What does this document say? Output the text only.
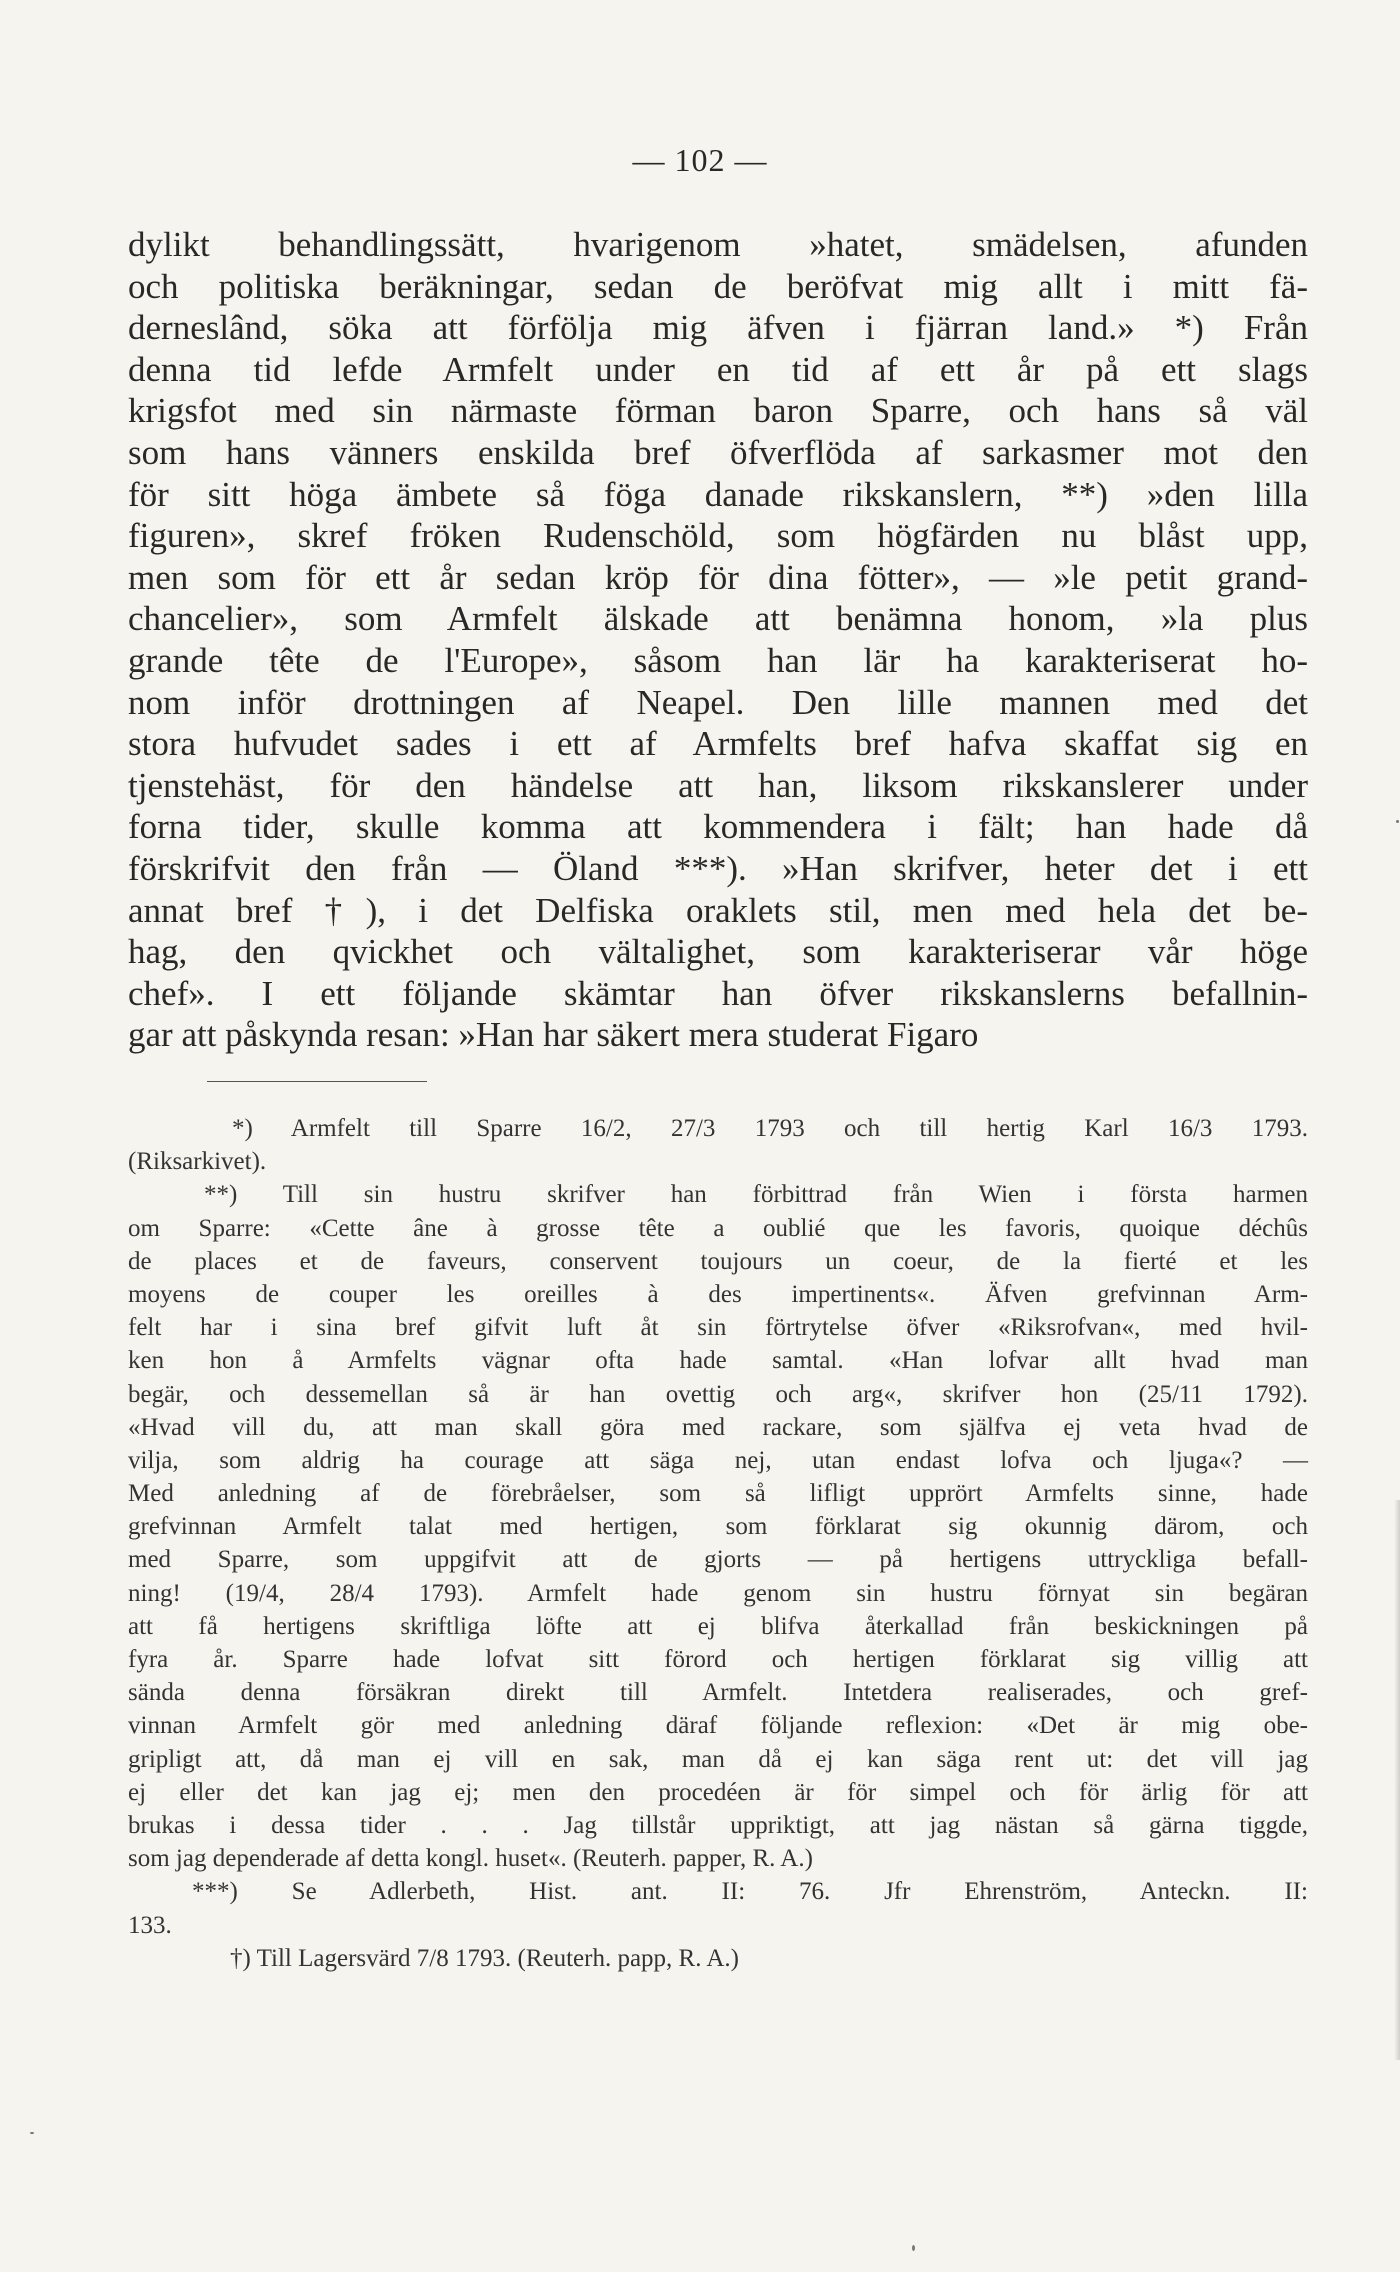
— 102 —
dylikt behandlingssätt, hvarigenom »hatet, smädelsen, afunden
och politiska beräkningar, sedan de beröfvat mig allt i mitt fä-
derneslând, söka att förfölja mig äfven i fjärran land.» *) Från
denna tid lefde Armfelt under en tid af ett år på ett slags
krigsfot med sin närmaste förman baron Sparre, och hans så väl
som hans vänners enskilda bref öfverflöda af sarkasmer mot den
för sitt höga ämbete så föga danade rikskanslern, **) »den lilla
figuren», skref fröken Rudenschöld, som högfärden nu blåst upp,
men som för ett år sedan kröp för dina fötter», — »le petit grand-
chancelier», som Armfelt älskade att benämna honom, »la plus
grande tête de l'Europe», såsom han lär ha karakteriserat ho-
nom inför drottningen af Neapel. Den lille mannen med det
stora hufvudet sades i ett af Armfelts bref hafva skaffat sig en
tjenstehäst, för den händelse att han, liksom rikskanslerer under
forna tider, skulle komma att kommendera i fält; han hade då
förskrifvit den från — Öland ***). »Han skrifver, heter det i ett
annat bref †), i det Delfiska oraklets stil, men med hela det be-
hag, den qvickhet och vältalighet, som karakteriserar vår höge
chef». I ett följande skämtar han öfver rikskanslerns befallnin-
gar att påskynda resan: »Han har säkert mera studerat Figaro
*) Armfelt till Sparre 16/2, 27/3 1793 och till hertig Karl 16/3 1793.
(Riksarkivet).
**) Till sin hustru skrifver han förbittrad från Wien i första harmen
om Sparre: «Cette âne à grosse tête a oublié que les favoris, quoique déchûs
de places et de faveurs, conservent toujours un coeur, de la fierté et les
moyens de couper les oreilles à des impertinents«. Äfven grefvinnan Arm-
felt har i sina bref gifvit luft åt sin förtrytelse öfver «Riksrofvan«, med hvil-
ken hon å Armfelts vägnar ofta hade samtal. «Han lofvar allt hvad man
begär, och dessemellan så är han ovettig och arg«, skrifver hon (25/11 1792).
«Hvad vill du, att man skall göra med rackare, som själfva ej veta hvad de
vilja, som aldrig ha courage att säga nej, utan endast lofva och ljuga«? —
Med anledning af de förebråelser, som så lifligt upprört Armfelts sinne, hade
grefvinnan Armfelt talat med hertigen, som förklarat sig okunnig därom, och
med Sparre, som uppgifvit att de gjorts — på hertigens uttryckliga befall-
ning! (19/4, 28/4 1793). Armfelt hade genom sin hustru förnyat sin begäran
att få hertigens skriftliga löfte att ej blifva återkallad från beskickningen på
fyra år. Sparre hade lofvat sitt förord och hertigen förklarat sig villig att
sända denna försäkran direkt till Armfelt. Intetdera realiserades, och gref-
vinnan Armfelt gör med anledning däraf följande reflexion: «Det är mig obe-
gripligt att, då man ej vill en sak, man då ej kan säga rent ut: det vill jag
ej eller det kan jag ej; men den procedéen är för simpel och för ärlig för att
brukas i dessa tider . . . Jag tillstår uppriktigt, att jag nästan så gärna tiggde,
som jag dependerade af detta kongl. huset«. (Reuterh. papper, R. A.)
***) Se Adlerbeth, Hist. ant. II: 76. Jfr Ehrenström, Anteckn. II:
133.
†) Till Lagersvärd 7/8 1793. (Reuterh. papp, R. A.)
